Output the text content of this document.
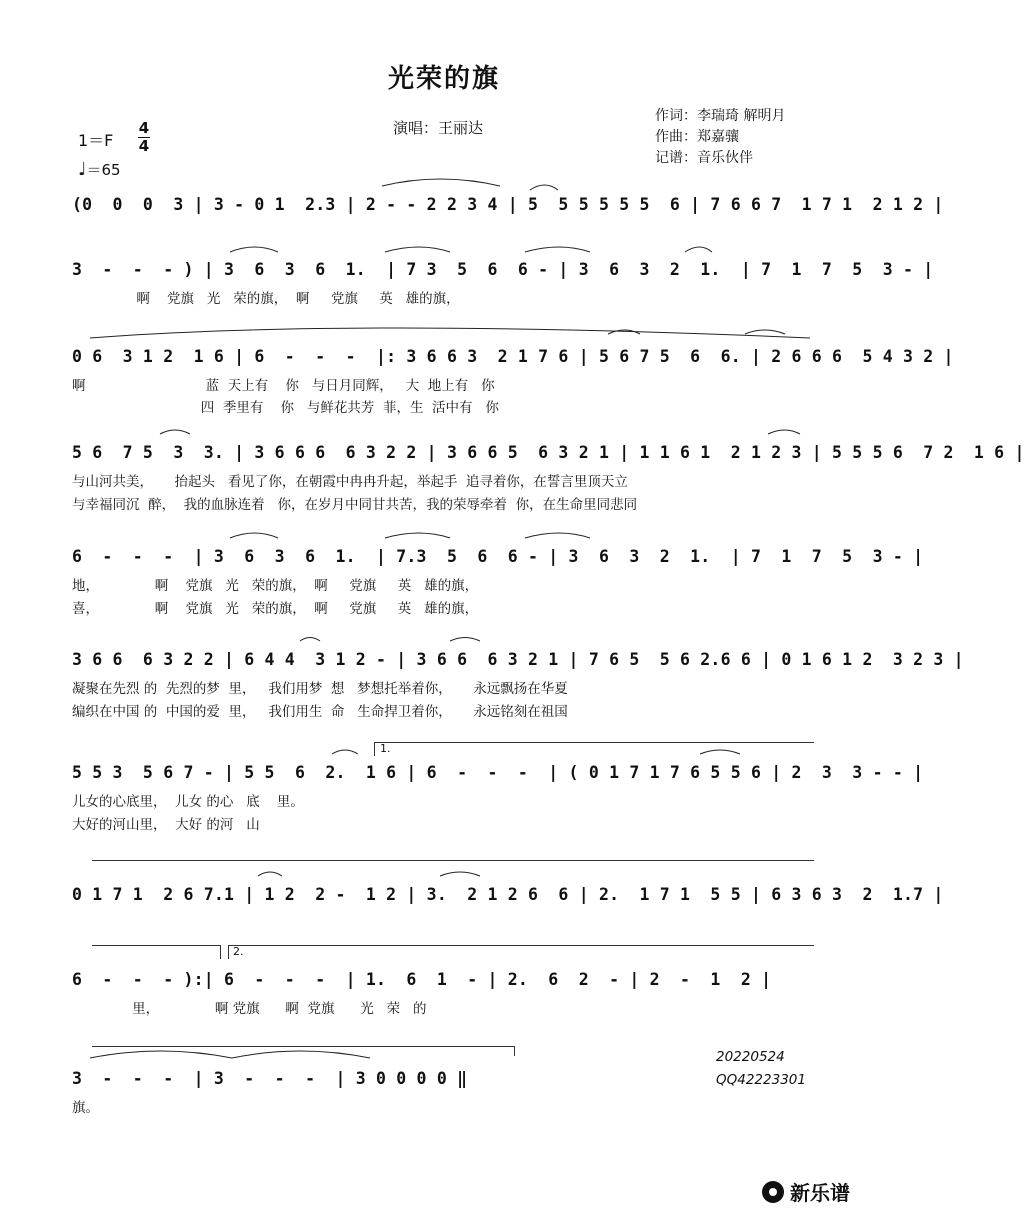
光荣的旗
演唱：王丽达
作词：李瑞琦 解明月
作曲：郑嘉骧
记谱：音乐伙伴
1＝F
4
4
♩＝65
(0  0  0  3 | 3 - 0 1  2.3 | 2 - - 2 2 3 4 | 5  5 5 5 5 5  6 | 7 6 6 7  1 7 1  2 1 2 |
3  -  -  - ) | 3  6  3  6  1.  | 7 3  5  6  6 - | 3  6  3  2  1.  | 7  1  7  5  3 - |
啊    党旗   光   荣的旗，  啊     党旗     英   雄的旗，
0 6  3 1 2  1 6 | 6  -  -  -  |: 3 6 6 3  2 1 7 6 | 5 6 7 5  6  6. | 2 6 6 6  5 4 3 2 |
啊                            蓝  天上有    你   与日月同辉，   大  地上有   你
四  季里有    你   与鲜花共芳  菲，生  活中有   你
5 6  7 5  3  3. | 3 6 6 6  6 3 2 2 | 3 6 6 5  6 3 2 1 | 1 1 6 1  2 1 2 3 | 5 5 5 6  7 2  1 6 |
与山河共美，     抬起头   看见了你，在朝霞中冉冉升起，举起手  追寻着你，在誓言里顶天立
与幸福同沉  醉，  我的血脉连着   你，在岁月中同甘共苦，我的荣辱牵着  你，在生命里同悲同
6  -  -  -  | 3  6  3  6  1.  | 7.3  5  6  6 - | 3  6  3  2  1.  | 7  1  7  5  3 - |
地，             啊    党旗   光   荣的旗，  啊     党旗     英   雄的旗，
喜，             啊    党旗   光   荣的旗，  啊     党旗     英   雄的旗，
3 6 6  6 3 2 2 | 6 4 4  3 1 2 - | 3 6 6  6 3 2 1 | 7 6 5  5 6 2.6 6 | 0 1 6 1 2  3 2 3 |
凝聚在先烈 的  先烈的梦  里，   我们用梦  想   梦想托举着你，     永远飘扬在华夏
编织在中国 的  中国的爱  里，   我们用生  命   生命捍卫着你，     永远铭刻在祖国
5 5 3  5 6 7 - | 5 5  6  2.  1 6 | 6  -  -  -  | ( 0 1 7 1 7 6 5 5 6 | 2  3  3 - - |
儿女的心底里，  儿女 的心   底    里。
大好的河山里，  大好 的河   山
0 1 7 1  2 6 7.1 | 1 2  2 -  1 2 | 3.  2 1 2 6  6 | 2.  1 7 1  5 5 | 6 3 6 3  2  1.7 |
6  -  -  - ):| 6  -  -  -  | 1.  6  1  - | 2.  6  2  - | 2  -  1  2 |
里，             啊 党旗      啊  党旗      光   荣   的
3  -  -  -  | 3  -  -  -  | 3 0 0 0 0 ‖
旗。
1.
2.
20220524
QQ42223301
新乐谱
